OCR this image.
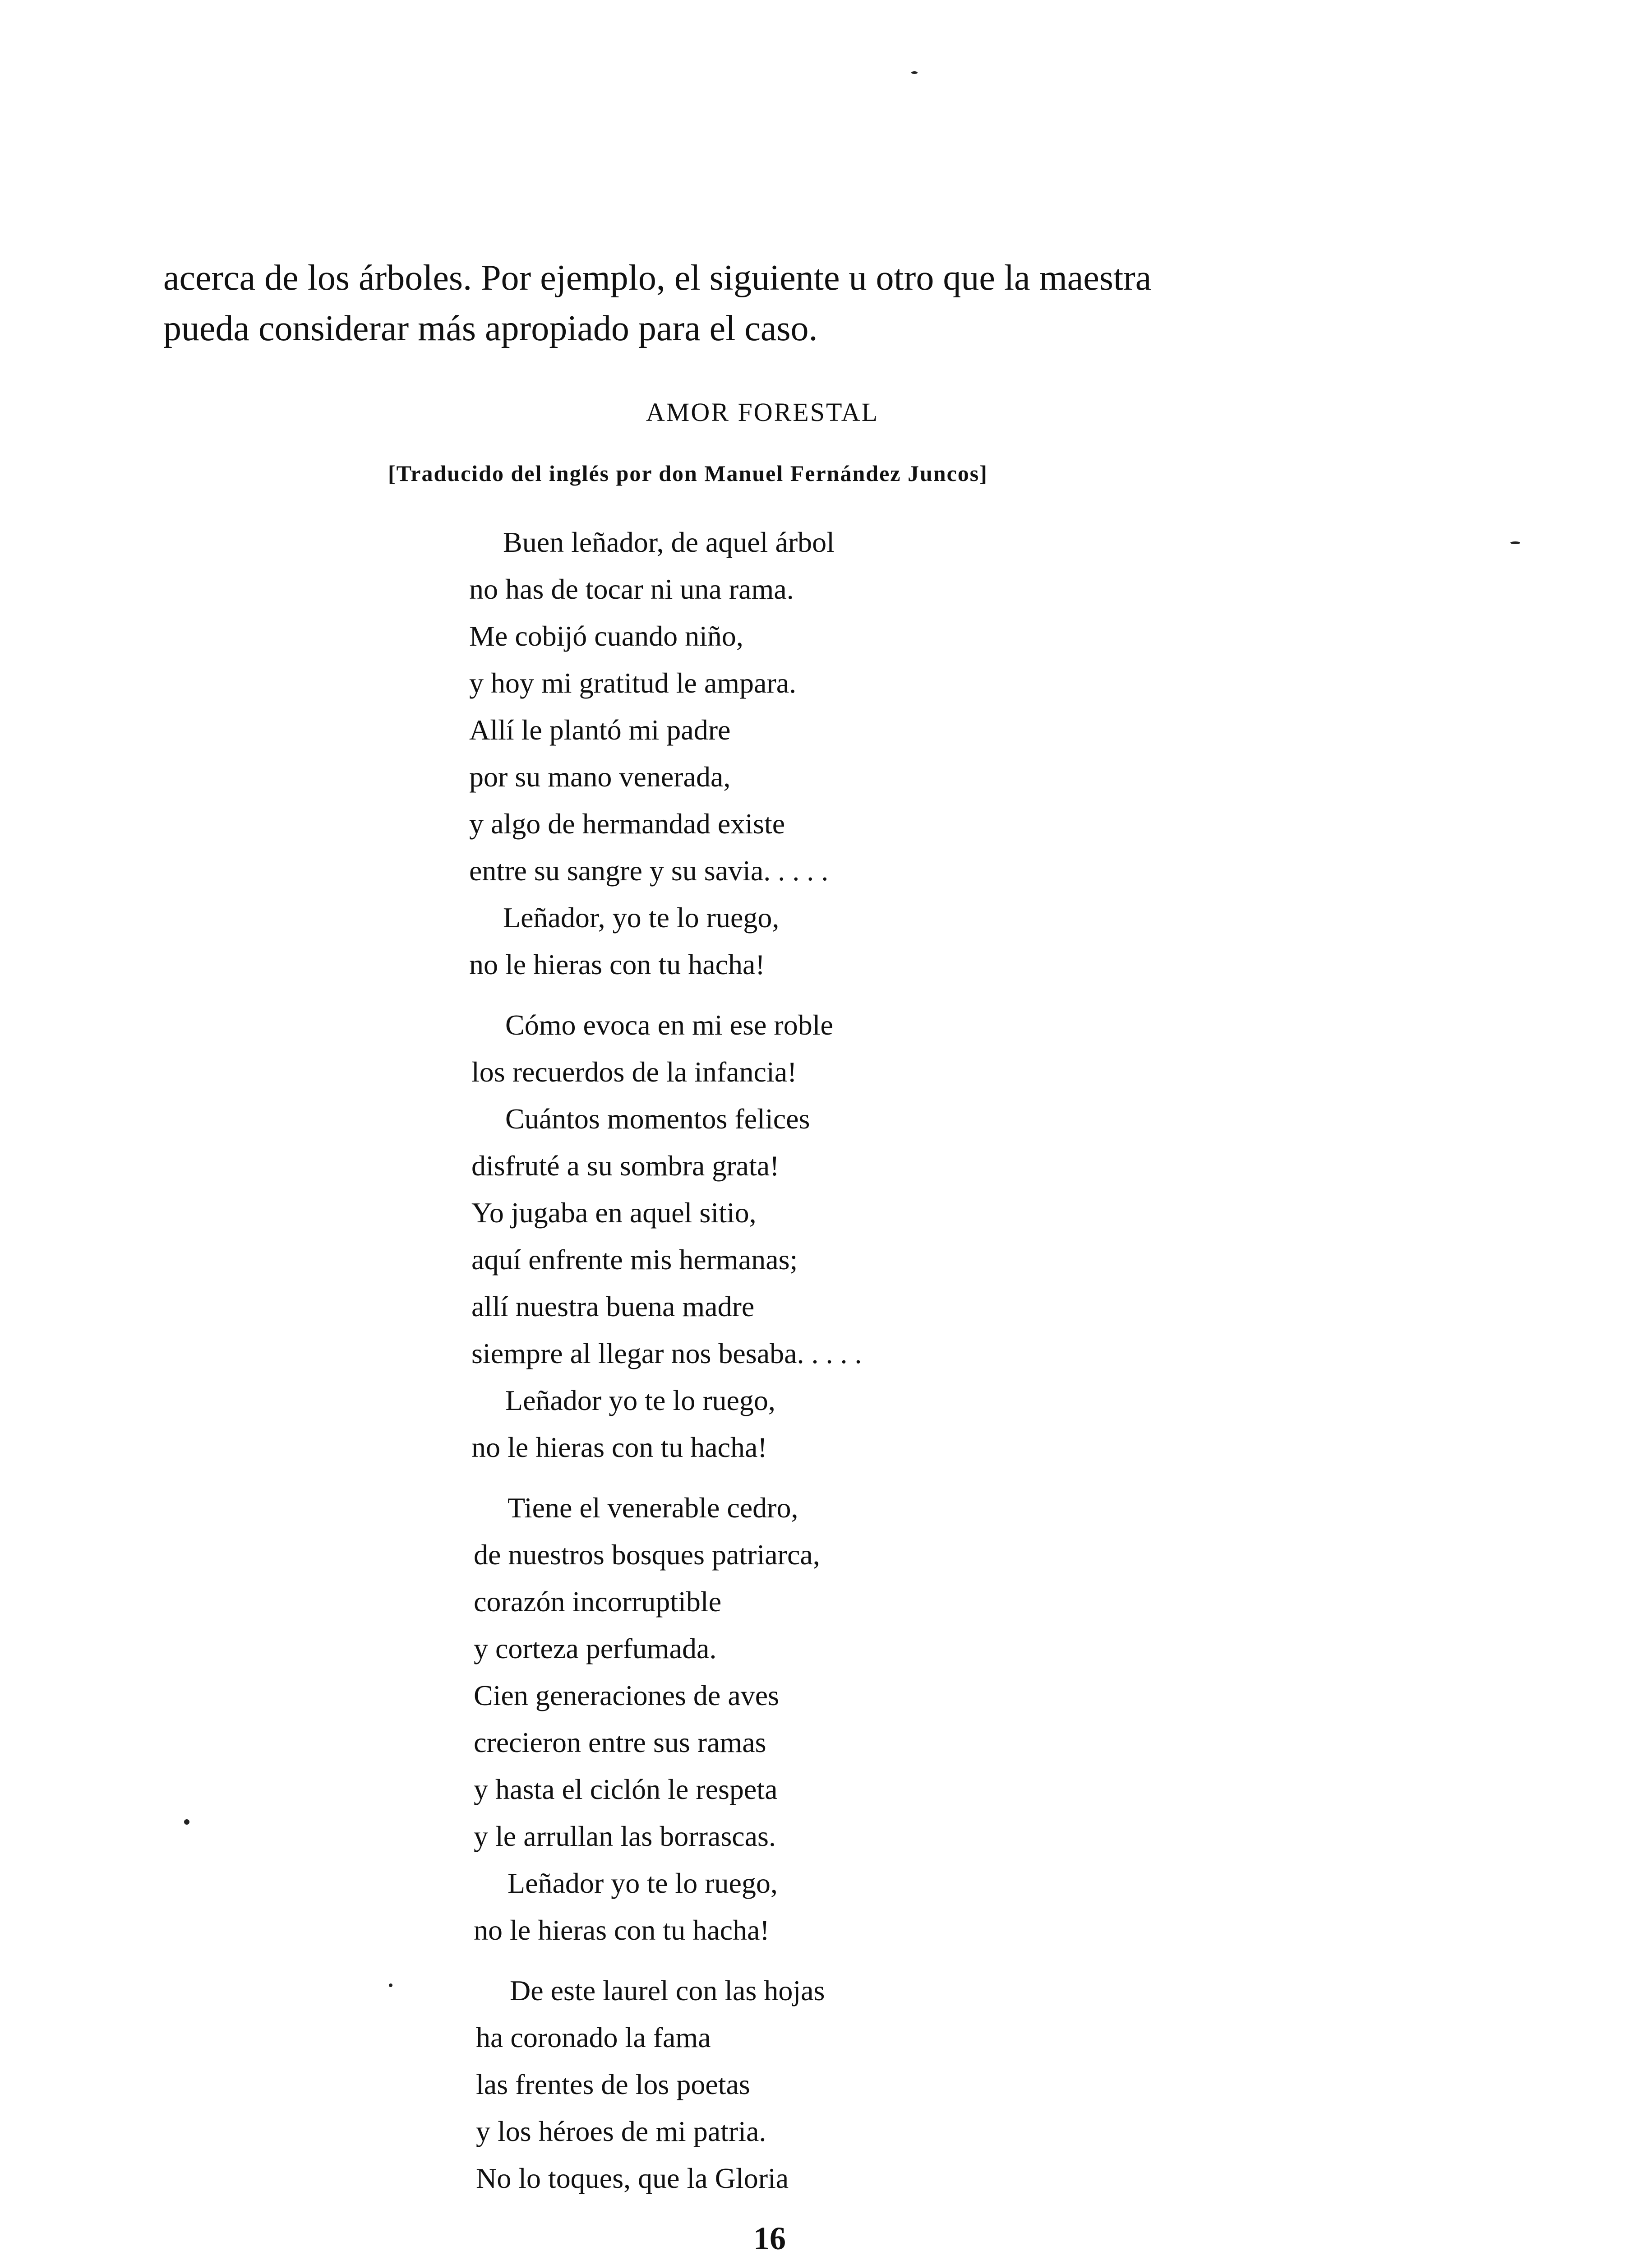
acerca de los árboles. Por ejemplo, el siguiente u otro que la maestra
pueda considerar más apropiado para el caso.
AMOR FORESTAL
[Traducido del inglés por don Manuel Fernández Juncos]
Buen leñador, de aquel árbol
no has de tocar ni una rama.
Me cobijó cuando niño,
y hoy mi gratitud le ampara.
Allí le plantó mi padre
por su mano venerada,
y algo de hermandad existe
entre su sangre y su savia. . . . .
Leñador, yo te lo ruego,
no le hieras con tu hacha!
Cómo evoca en mi ese roble
los recuerdos de la infancia!
Cuántos momentos felices
disfruté a su sombra grata!
Yo jugaba en aquel sitio,
aquí enfrente mis hermanas;
allí nuestra buena madre
siempre al llegar nos besaba. . . . .
Leñador yo te lo ruego,
no le hieras con tu hacha!
Tiene el venerable cedro,
de nuestros bosques patriarca,
corazón incorruptible
y corteza perfumada.
Cien generaciones de aves
crecieron entre sus ramas
y hasta el ciclón le respeta
y le arrullan las borrascas.
Leñador yo te lo ruego,
no le hieras con tu hacha!
De este laurel con las hojas
ha coronado la fama
las frentes de los poetas
y los héroes de mi patria.
No lo toques, que la Gloria
16
